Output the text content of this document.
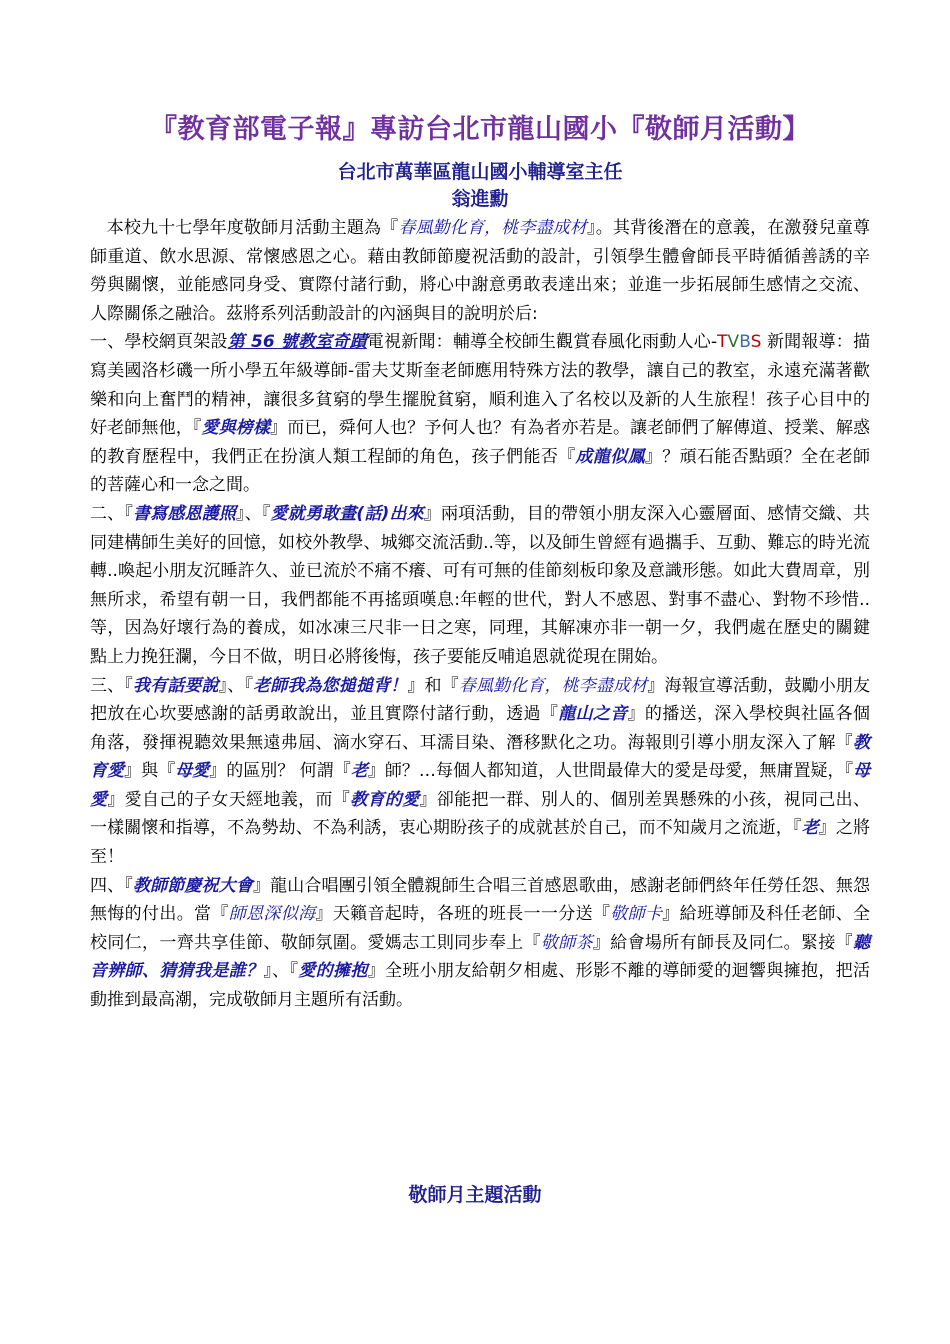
『教育部電子報』專訪台北市龍山國小『敬師月活動】
台北市萬華區龍山國小輔導室主任
翁進勳

本校九十七學年度敬師月活動主題為『春風勤化育，桃李盡成材』。其背後潛在的意義，在激發兒童尊師重道、飲水思源、常懷感恩之心。藉由教師節慶祝活動的設計，引領學生體會師長平時循循善誘的辛勞與關懷，並能感同身受、實際付諸行動，將心中謝意勇敢表達出來；並進一步拓展師生感情之交流、人際關係之融洽。茲將系列活動設計的內涵與目的說明於后:

一、學校網頁架設第 56 號教室奇蹟電視新聞：輔導全校師生觀賞春風化雨動人心-TVBS 新聞報導：描寫美國洛杉磯一所小學五年級導師-雷夫艾斯奎老師應用特殊方法的教學，讓自己的教室，永遠充滿著歡樂和向上奮鬥的精神，讓很多貧窮的學生擺脫貧窮，順利進入了名校以及新的人生旅程！孩子心目中的好老師無他，『愛與榜樣』而已，舜何人也？予何人也？有為者亦若是。讓老師們了解傳道、授業、解惑的教育歷程中，我們正在扮演人類工程師的角色，孩子們能否『成龍似鳳』？頑石能否點頭？全在老師的菩薩心和一念之間。

二、『書寫感恩護照』、『愛就勇敢畫(話)出來』兩項活動，目的帶領小朋友深入心靈層面、感情交織、共同建構師生美好的回憶，如校外教學、城鄉交流活動..等，以及師生曾經有過攜手、互動、難忘的時光流轉..喚起小朋友沉睡許久、並已流於不痛不癢、可有可無的佳節刻板印象及意識形態。如此大費周章，別無所求，希望有朝一日，我們都能不再搖頭嘆息:年輕的世代，對人不感恩、對事不盡心、對物不珍惜..等，因為好壞行為的養成，如冰凍三尺非一日之寒，同理，其解凍亦非一朝一夕，我們處在歷史的關鍵點上力挽狂瀾，今日不做，明日必將後悔，孩子要能反哺追恩就從現在開始。

三、『我有話要說』、『老師我為您搥搥背！』和『春風勤化育，桃李盡成材』海報宣導活動，鼓勵小朋友把放在心坎要感謝的話勇敢說出，並且實際付諸行動，透過『龍山之音』的播送，深入學校與社區各個角落，發揮視聽效果無遠弗屆、滴水穿石、耳濡目染、潛移默化之功。海報則引導小朋友深入了解『教育愛』與『母愛』的區別？ 何謂『老』師？…每個人都知道，人世間最偉大的愛是母愛，無庸置疑，『母愛』愛自己的子女天經地義，而『教育的愛』卻能把一群、別人的、個別差異懸殊的小孩，視同己出、一樣關懷和指導，不為勢劫、不為利誘，衷心期盼孩子的成就甚於自己，而不知歲月之流逝，『老』之將至！

四、『教師節慶祝大會』龍山合唱團引領全體親師生合唱三首感恩歌曲，感謝老師們終年任勞任怨、無怨無悔的付出。當『師恩深似海』天籟音起時，各班的班長一一分送『敬師卡』給班導師及科任老師、全校同仁，一齊共享佳節、敬師氛圍。愛媽志工則同步奉上『敬師茶』給會場所有師長及同仁。緊接『聽音辨師、猜猜我是誰？』、『愛的擁抱』全班小朋友給朝夕相處、形影不離的導師愛的迴響與擁抱，把活動推到最高潮，完成敬師月主題所有活動。

敬師月主題活動
